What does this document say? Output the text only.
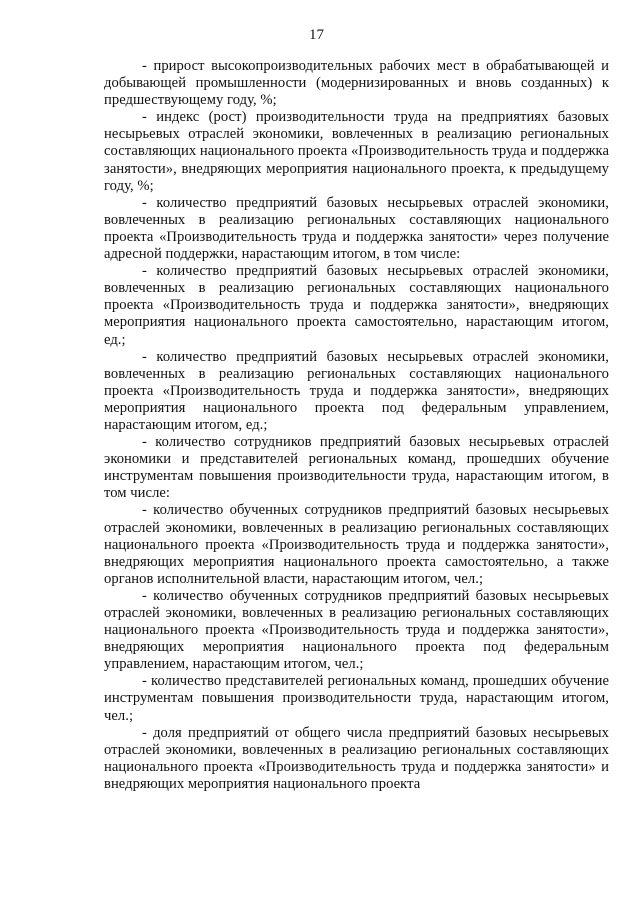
17

- прирост высокопроизводительных рабочих мест в обрабатывающей и добывающей промышленности (модернизированных и вновь созданных) к предшествующему году, %;

- индекс (рост) производительности труда на предприятиях базовых несырьевых отраслей экономики, вовлеченных в реализацию региональных составляющих национального проекта «Производительность труда и поддержка занятости», внедряющих мероприятия национального проекта, к предыдущему году, %;

- количество предприятий базовых несырьевых отраслей экономики, вовлеченных в реализацию региональных составляющих национального проекта «Производительность труда и поддержка занятости» через получение адресной поддержки, нарастающим итогом, в том числе:

- количество предприятий базовых несырьевых отраслей экономики, вовлеченных в реализацию региональных составляющих национального проекта «Производительность труда и поддержка занятости», внедряющих мероприятия национального проекта самостоятельно, нарастающим итогом, ед.;

- количество предприятий базовых несырьевых отраслей экономики, вовлеченных в реализацию региональных составляющих национального проекта «Производительность труда и поддержка занятости», внедряющих мероприятия национального проекта под федеральным управлением, нарастающим итогом, ед.;

- количество сотрудников предприятий базовых несырьевых отраслей экономики и представителей региональных команд, прошедших обучение инструментам повышения производительности труда, нарастающим итогом, в том числе:

- количество обученных сотрудников предприятий базовых несырьевых отраслей экономики, вовлеченных в реализацию региональных составляющих национального проекта «Производительность труда и поддержка занятости», внедряющих мероприятия национального проекта самостоятельно, а также органов исполнительной власти, нарастающим итогом, чел.;

- количество обученных сотрудников предприятий базовых несырьевых отраслей экономики, вовлеченных в реализацию региональных составляющих национального проекта «Производительность труда и поддержка занятости», внедряющих мероприятия национального проекта под федеральным управлением, нарастающим итогом, чел.;

- количество представителей региональных команд, прошедших обучение инструментам повышения производительности труда, нарастающим итогом, чел.;

- доля предприятий от общего числа предприятий базовых несырьевых отраслей экономики, вовлеченных в реализацию региональных составляющих национального проекта «Производительность труда и поддержка занятости» и внедряющих мероприятия национального проекта
